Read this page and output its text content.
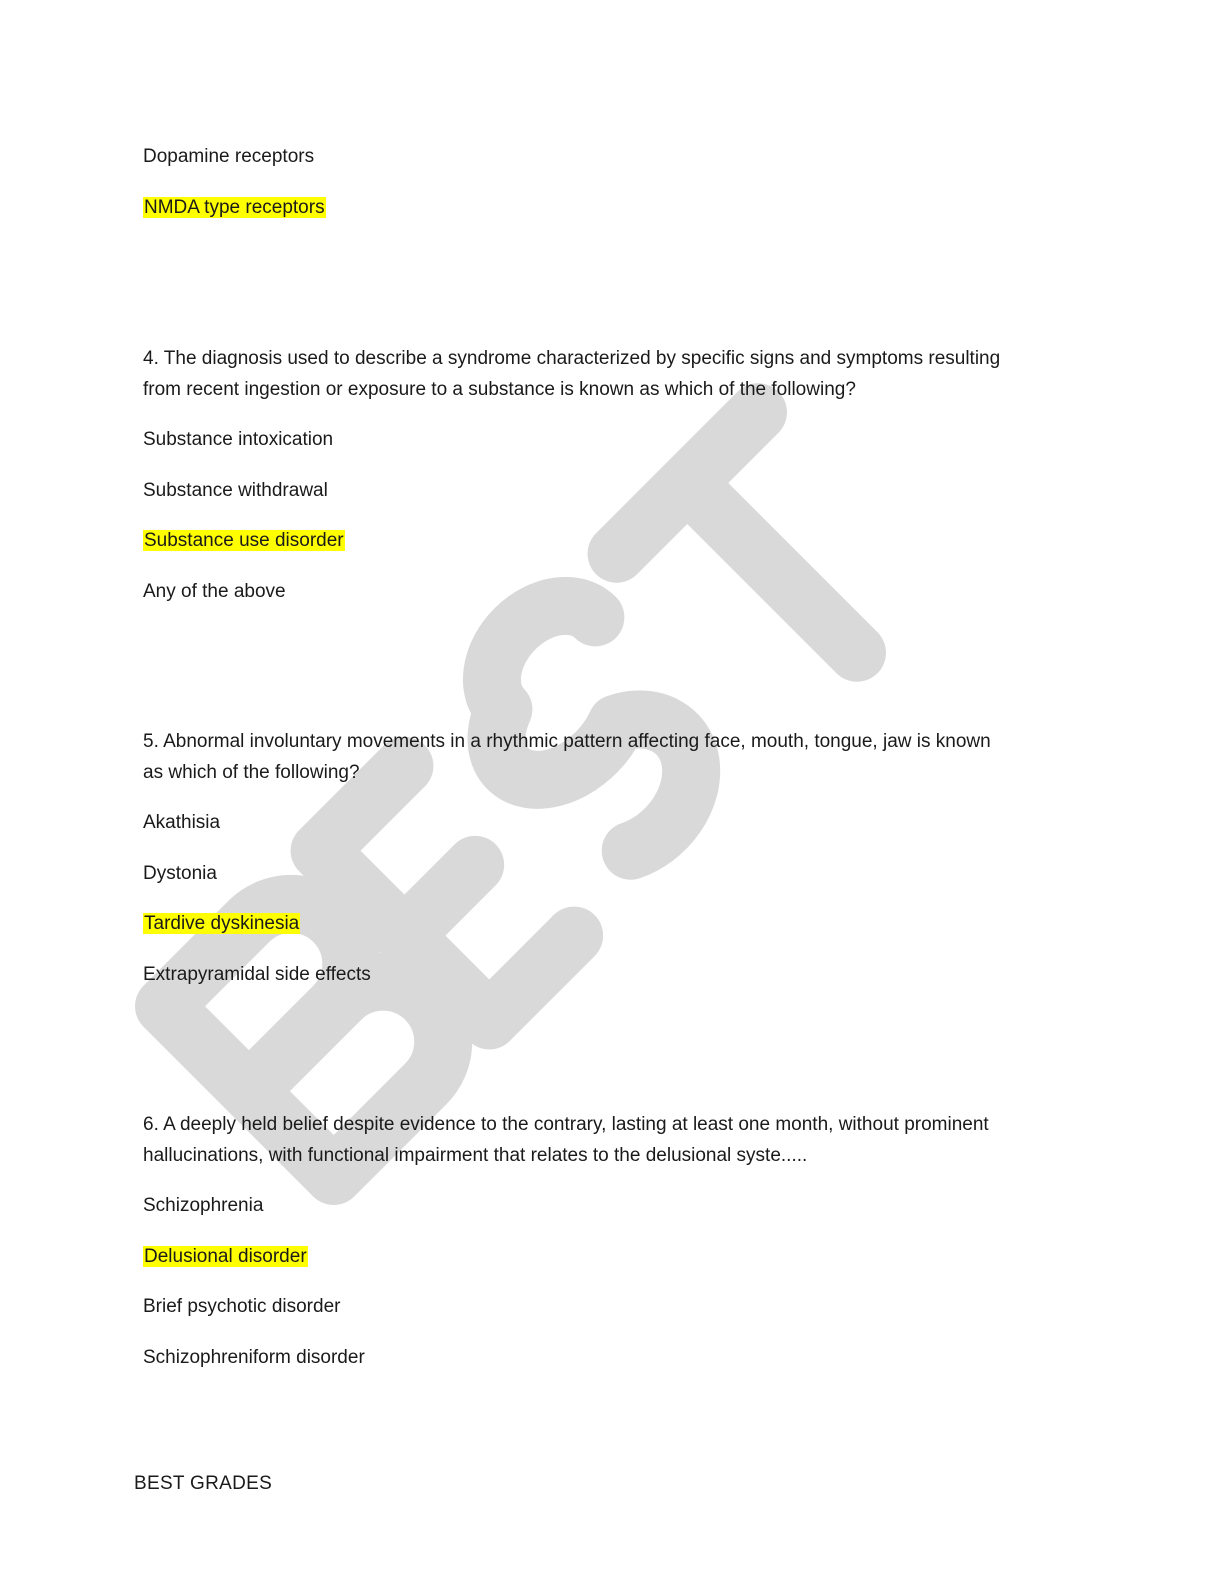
Dopamine receptors

NMDA type receptors

4. The diagnosis used to describe a syndrome characterized by specific signs and symptoms resulting

from recent ingestion or exposure to a substance is known as which of the following?

Substance intoxication

Substance withdrawal

Substance use disorder

Any of the above

5. Abnormal involuntary movements in a rhythmic pattern affecting face, mouth, tongue, jaw is known

as which of the following?

Akathisia

Dystonia

Tardive dyskinesia

Extrapyramidal side effects

6. A deeply held belief despite evidence to the contrary, lasting at least one month, without prominent

hallucinations, with functional impairment that relates to the delusional syste.....

Schizophrenia

Delusional disorder

Brief psychotic disorder

Schizophreniform disorder

BEST GRADES
